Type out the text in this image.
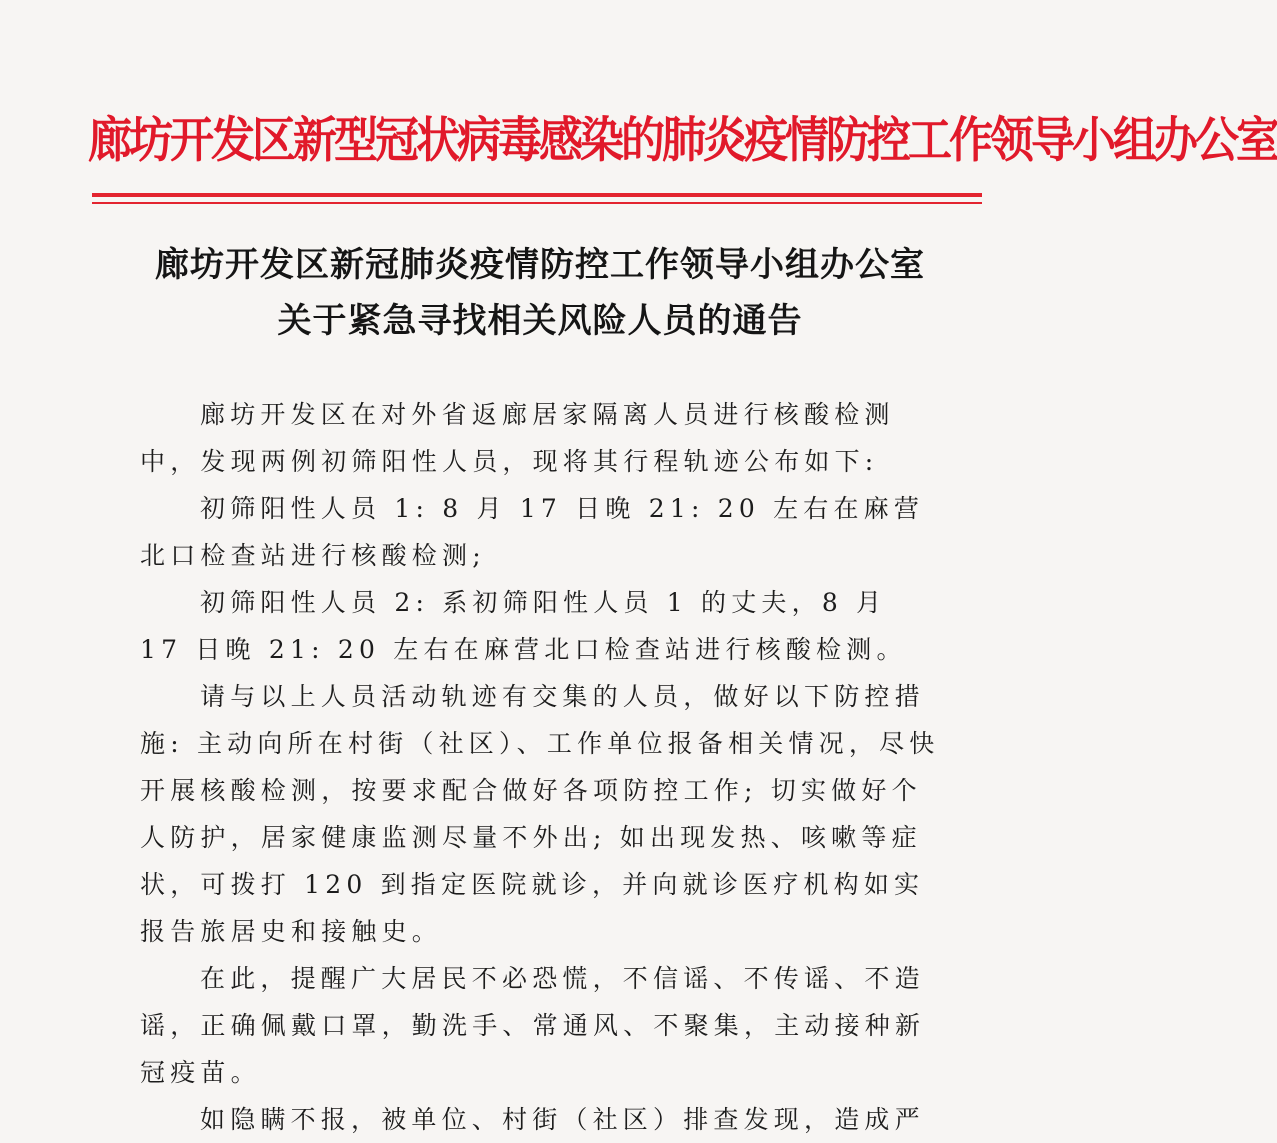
廊坊开发区新型冠状病毒感染的肺炎疫情防控工作领导小组办公室
廊坊开发区新冠肺炎疫情防控工作领导小组办公室
关于紧急寻找相关风险人员的通告

廊坊开发区在对外省返廊居家隔离人员进行核酸检测中，发现两例初筛阳性人员，现将其行程轨迹公布如下:

初筛阳性人员 1: 8 月 17 日晚 21: 20 左右在麻营北口检查站进行核酸检测;

初筛阳性人员 2: 系初筛阳性人员 1 的丈夫，8 月 17 日晚 21: 20 左右在麻营北口检查站进行核酸检测。

请与以上人员活动轨迹有交集的人员，做好以下防控措施: 主动向所在村街（社区）、工作单位报备相关情况，尽快开展核酸检测，按要求配合做好各项防控工作; 切实做好个人防护，居家健康监测尽量不外出; 如出现发热、咳嗽等症状，可拨打 120 到指定医院就诊，并向就诊医疗机构如实报告旅居史和接触史。

在此，提醒广大居民不必恐慌，不信谣、不传谣、不造谣，正确佩戴口罩，勤洗手、常通风、不聚集，主动接种新冠疫苗。

如隐瞒不报，被单位、村街（社区）排查发现，造成严
